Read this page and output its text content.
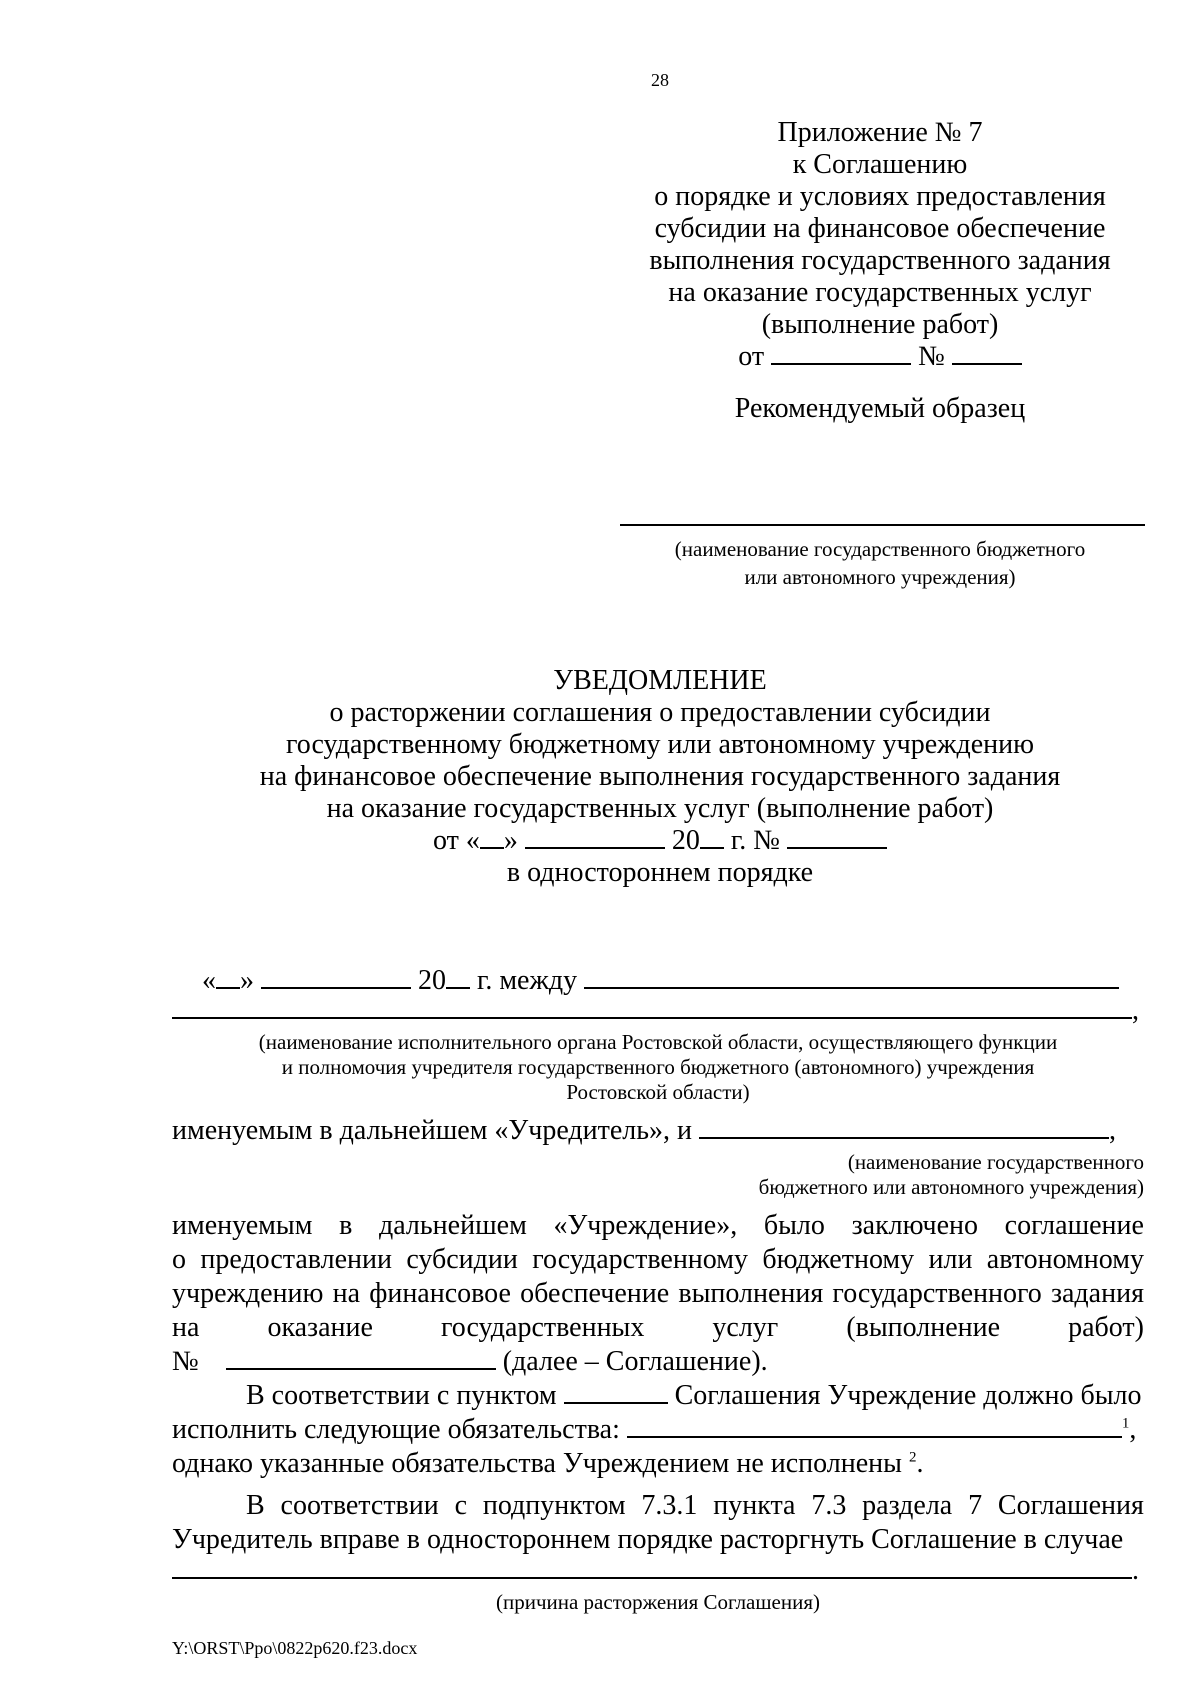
28
Приложение № 7
к Соглашению
о порядке и условиях предоставления
субсидии на финансовое обеспечение
выполнения государственного задания
на оказание государственных услуг
(выполнение работ)
от	№
Рекомендуемый образец
(наименование государственного бюджетного
или автономного учреждения)
УВЕДОМЛЕНИЕ
о расторжении соглашения о предоставлении субсидии
государственному бюджетному или автономному учреждению
на финансовое обеспечение выполнения государственного задания
на оказание государственных услуг (выполнение работ)
от « »	20 г. №
в одностороннем порядке
« »	20 г. между
,
(наименование исполнительного органа Ростовской области, осуществляющего функции
и полномочия учредителя государственного бюджетного (автономного) учреждения
Ростовской области)
именуемым в дальнейшем «Учредитель», и	,
(наименование государственного
бюджетного или автономного учреждения)
именуемым в дальнейшем «Учреждение», было заключено соглашение
о предоставлении субсидии государственному бюджетному или автономному
учреждению на финансовое обеспечение выполнения государственного задания
на оказание государственных услуг (выполнение работ)
№	(далее – Соглашение).
В соответствии с пунктом	Соглашения Учреждение должно было
исполнить следующие обязательства:	$^1$,
однако указанные обязательства Учреждением не исполнены $^2$.
В соответствии с подпунктом 7.3.1 пункта 7.3 раздела 7 Соглашения
Учредитель вправе в одностороннем порядке расторгнуть Соглашение в случае
.
(причина расторжения Соглашения)
Y:\ORST\Ppo\0822p620.f23.docx
